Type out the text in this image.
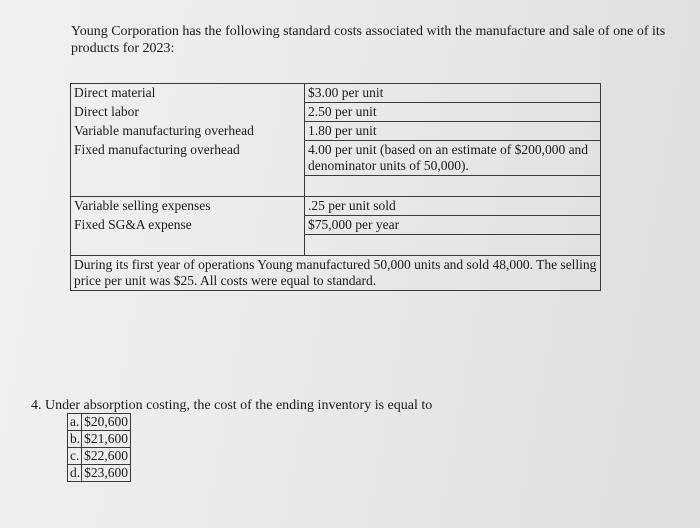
Young Corporation has the following standard costs associated with the manufacture and sale of one of its products for 2023:

Direct material	$3.00 per unit
Direct labor	2.50 per unit
Variable manufacturing overhead	1.80 per unit
Fixed manufacturing overhead	4.00 per unit (based on an estimate of $200,000 and denominator units of 50,000).

Variable selling expenses	.25 per unit sold
Fixed SG&A expense	$75,000 per year

During its first year of operations Young manufactured 50,000 units and sold 48,000. The selling price per unit was $25. All costs were equal to standard.	

4. Under absorption costing, the cost of the ending inventory is equal to

a.	$20,600
b.	$21,600
c.	$22,600
d.	$23,600
